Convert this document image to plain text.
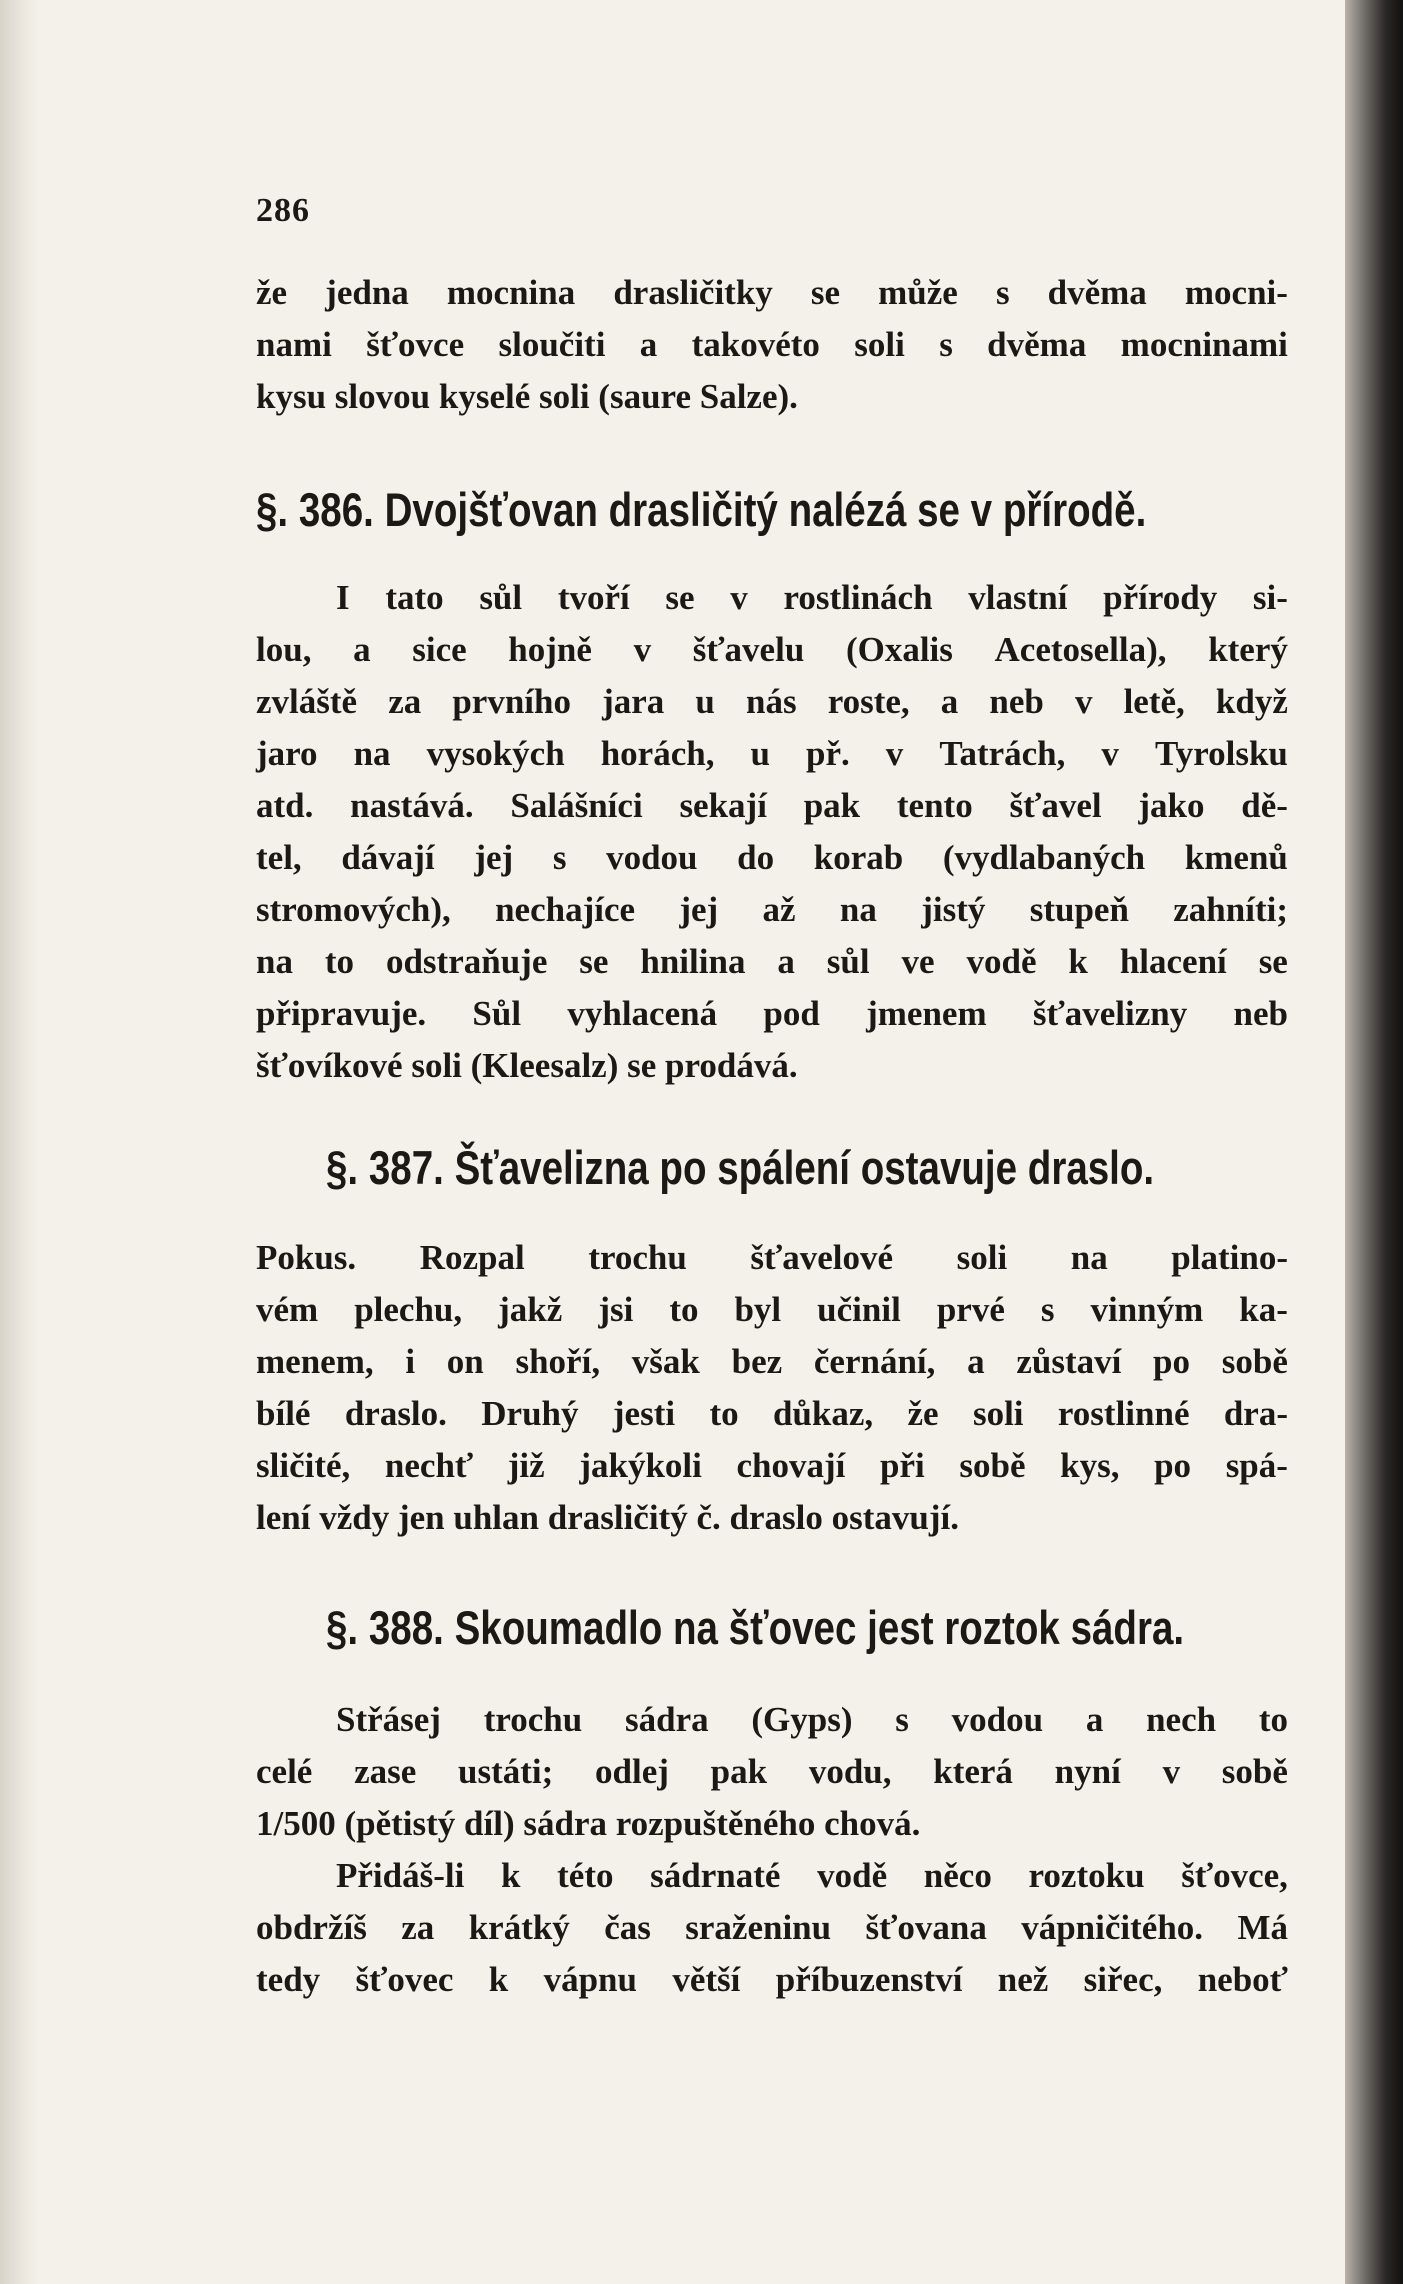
286
že jedna mocnina drasličitky se může s dvěma mocni-
nami šťovce sloučiti a takovéto soli s dvěma mocninami
kysu slovou kyselé soli (saure Salze).
§. 386. Dvojšťovan drasličitý nalézá se v přírodě.
I tato sůl tvoří se v rostlinách vlastní přírody si-
lou, a sice hojně v šťavelu (Oxalis Acetosella), který
zvláště za prvního jara u nás roste, a neb v letě, když
jaro na vysokých horách, u př. v Tatrách, v Tyrolsku
atd. nastává. Salášníci sekají pak tento šťavel jako dě-
tel, dávají jej s vodou do korab (vydlabaných kmenů
stromových), nechajíce jej až na jistý stupeň zahníti;
na to odstraňuje se hnilina a sůl ve vodě k hlacení se
připravuje. Sůl vyhlacená pod jmenem šťavelizny neb
šťovíkové soli (Kleesalz) se prodává.
§. 387. Šťavelizna po spálení ostavuje draslo.
Pokus. Rozpal trochu šťavelové soli na platino-
vém plechu, jakž jsi to byl učinil prvé s vinným ka-
menem, i on shoří, však bez černání, a zůstaví po sobě
bílé draslo. Druhý jesti to důkaz, že soli rostlinné dra-
sličité, nechť již jakýkoli chovají při sobě kys, po spá-
lení vždy jen uhlan drasličitý č. draslo ostavují.
§. 388. Skoumadlo na šťovec jest roztok sádra.
Střásej trochu sádra (Gyps) s vodou a nech to
celé zase ustáti; odlej pak vodu, která nyní v sobě
1/500 (pětistý díl) sádra rozpuštěného chová.
Přidáš-li k této sádrnaté vodě něco roztoku šťovce,
obdržíš za krátký čas sraženinu šťovana vápničitého. Má
tedy šťovec k vápnu větší příbuzenství než siřec, neboť
